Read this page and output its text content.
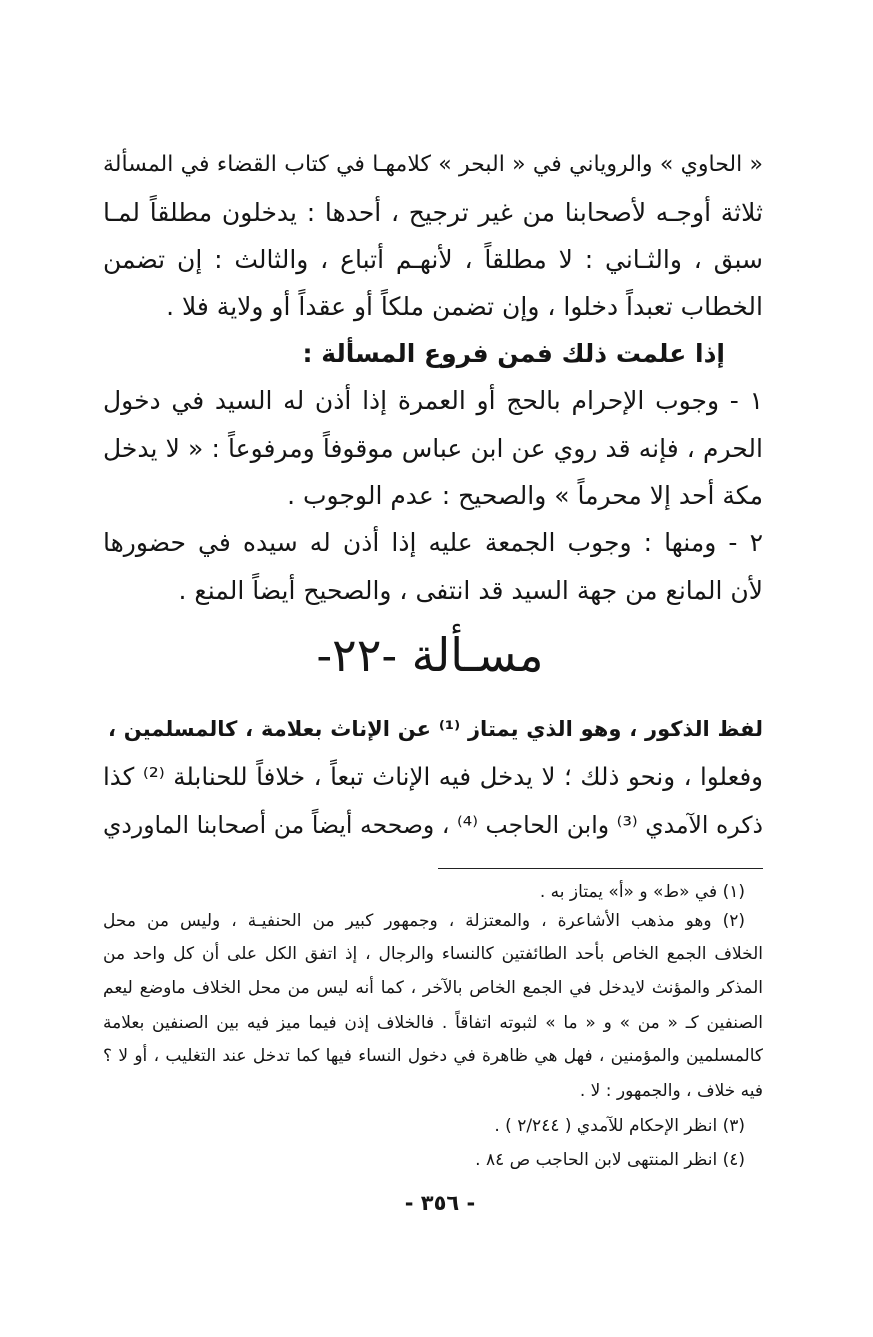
« الحاوي » والروياني في « البحر » كلامهـا في كتاب القضاء في المسألة
ثلاثة أوجـه لأصحابنا من غير ترجيح ، أحدها : يدخلون مطلقاً لمـا
سبق ، والثـاني : لا مطلقاً ، لأنهـم أتباع ، والثالث : إن تضمن
الخطاب تعبداً دخلوا ، وإن تضمن ملكاً أو عقداً أو ولاية فلا .
إذا علمت ذلك فمن فروع المسألة :
١ - وجوب الإحرام بالحج أو العمرة إذا أذن له السيد في دخول
الحرم ، فإنه قد روي عن ابن عباس موقوفاً ومرفوعاً : « لا يدخل
مكة أحد إلا محرماً » والصحيح : عدم الوجوب .
٢ - ومنها : وجوب الجمعة عليه إذا أذن له سيده في حضورها
لأن المانع من جهة السيد قد انتفى ، والصحيح أيضاً المنع .
مسـألة -٢٢-
لفظ الذكور ، وهو الذي يمتاز ⁽¹⁾ عن الإناث بعلامة ، كالمسلمين ،
وفعلوا ، ونحو ذلك ؛ لا يدخل فيه الإناث تبعاً ، خلافاً للحنابلة ⁽²⁾ كذا
ذكره الآمدي ⁽³⁾ وابن الحاجب ⁽⁴⁾ ، وصححه أيضاً من أصحابنا الماوردي
(١) في «ط» و «أ» يمتاز به .
(٢) وهو مذهب الأشاعرة ، والمعتزلة ، وجمهور كبير من الحنفيـة ، وليس من محل
الخلاف الجمع الخاص بأحد الطائفتين كالنساء والرجال ، إذ اتفق الكل على أن كل واحد من
المذكر والمؤنث لايدخل في الجمع الخاص بالآخر ، كما أنه ليس من محل الخلاف ماوضع ليعم
الصنفين كـ « من » و « ما » لثبوته اتفاقاً . فالخلاف إذن فيما ميز فيه بين الصنفين بعلامة
كالمسلمين والمؤمنين ، فهل هي ظاهرة في دخول النساء فيها كما تدخل عند التغليب ، أو لا ؟
فيه خلاف ، والجمهور : لا .
(٣) انظر الإحكام للآمدي ( ٢/٢٤٤ ) .
(٤) انظر المنتهى لابن الحاجب ص ٨٤ .
- ٣٥٦ -
